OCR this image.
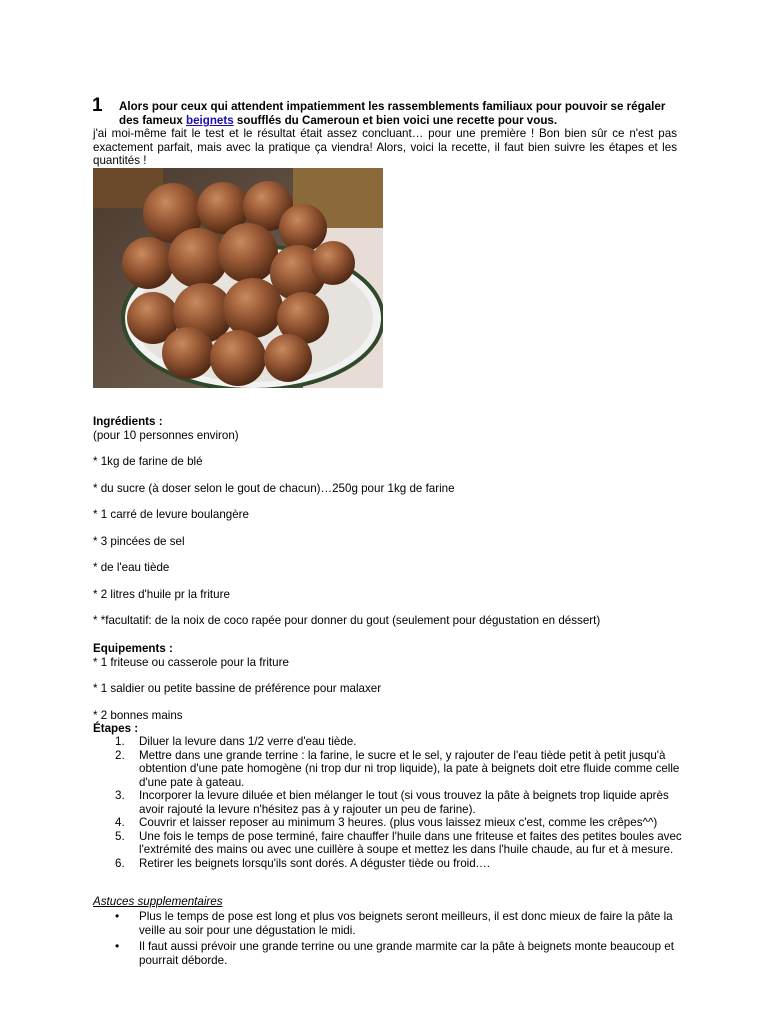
1 Alors pour ceux qui attendent impatiemment les rassemblements familiaux pour pouvoir se régaler des fameux beignets soufflés du Cameroun et bien voici une recette pour vous.
j'ai moi-même fait le test et le résultat était assez concluant… pour une première ! Bon bien sûr ce n'est pas exactement parfait, mais avec la pratique ça viendra! Alors, voici la recette, il faut bien suivre les étapes et les quantités !
Ingrédients :
(pour 10 personnes environ)
* 1kg de farine de blé
* du sucre (à doser selon le gout de chacun)…250g pour 1kg de farine
* 1 carré de levure boulangère
* 3 pincées de sel
* de l'eau tiède
* 2 litres d'huile pr la friture
* *facultatif: de la noix de coco rapée pour donner du gout (seulement pour dégustation en déssert)
Equipements :
* 1 friteuse ou casserole pour la friture
* 1 saldier ou petite bassine de préférence pour malaxer
* 2 bonnes mains
Étapes :
1. Diluer la levure dans 1/2 verre d'eau tiède.
2. Mettre dans une grande terrine : la farine, le sucre et le sel, y rajouter de l'eau tiède petit à petit jusqu'à obtention d'une pate homogène (ni trop dur ni trop liquide), la pate à beignets doit etre fluide comme celle d'une pate à gateau.
3. Incorporer la levure diluée et bien mélanger le tout (si vous trouvez la pâte à beignets trop liquide après avoir rajouté la levure n'hésitez pas à y rajouter un peu de farine).
4. Couvrir et laisser reposer au minimum 3 heures. (plus vous laissez mieux c'est, comme les crêpes^^)
5. Une fois le temps de pose terminé, faire chauffer l'huile dans une friteuse et faites des petites boules avec l'extrémité des mains ou avec une cuillère à soupe et mettez les dans l'huile chaude, au fur et à mesure.
6. Retirer les beignets lorsqu'ils sont dorés. A déguster tiède ou froid.…
Astuces supplementaires
• Plus le temps de pose est long et plus vos beignets seront meilleurs, il est donc mieux de faire la pâte la veille au soir pour une dégustation le midi.
• Il faut aussi prévoir une grande terrine ou une grande marmite car la pâte à beignets monte beaucoup et pourrait déborde.
